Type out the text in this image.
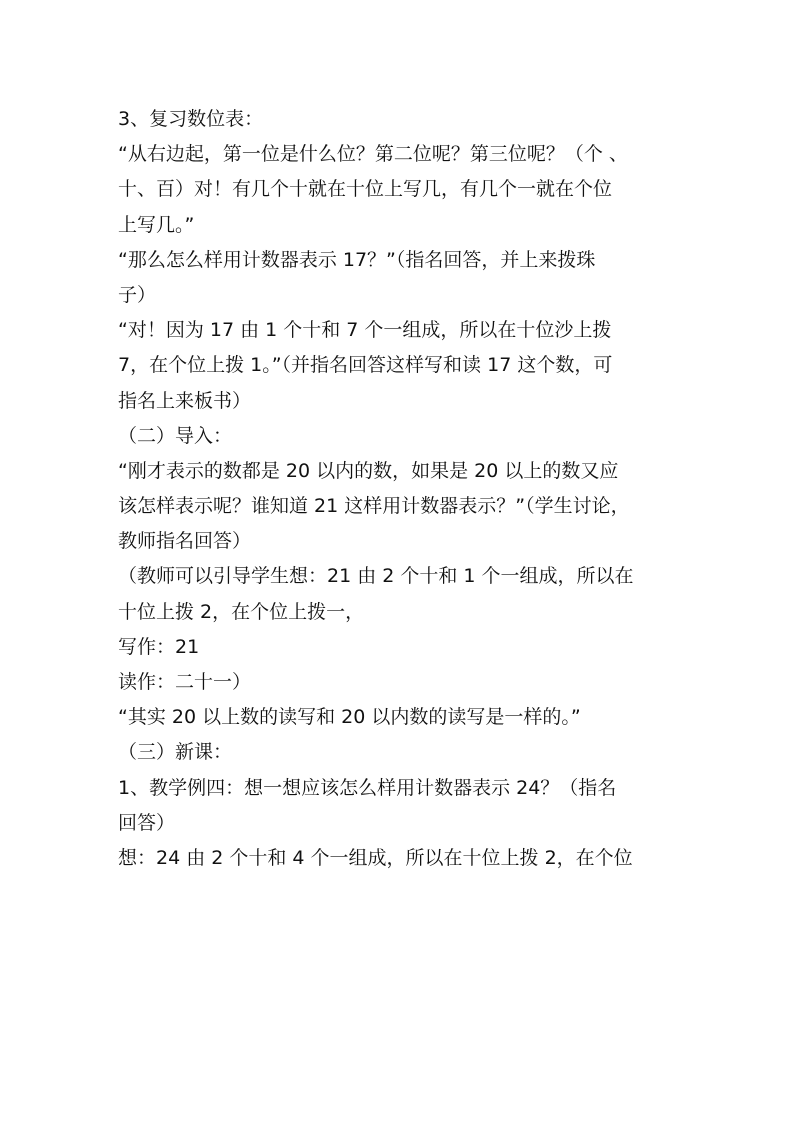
3、复习数位表：
“从右边起，第一位是什么位？第二位呢？第三位呢？（个 、
十、百）对！有几个十就在十位上写几，有几个一就在个位
上写几。”
“那么怎么样用计数器表示 17？”（指名回答，并上来拨珠
子）
“对！因为 17 由 1 个十和 7 个一组成，所以在十位沙上拨
7，在个位上拨 1。”（并指名回答这样写和读 17 这个数，可
指名上来板书）
（二）导入：
“刚才表示的数都是 20 以内的数，如果是 20 以上的数又应
该怎样表示呢？谁知道 21 这样用计数器表示？”（学生讨论，
教师指名回答）
（教师可以引导学生想：21 由 2 个十和 1 个一组成，所以在
十位上拨 2，在个位上拨一，
写作：21
读作：二十一）
“其实 20 以上数的读写和 20 以内数的读写是一样的。”
（三）新课：
1、教学例四：想一想应该怎么样用计数器表示 24？（指名
回答）
想：24 由 2 个十和 4 个一组成，所以在十位上拨 2，在个位
